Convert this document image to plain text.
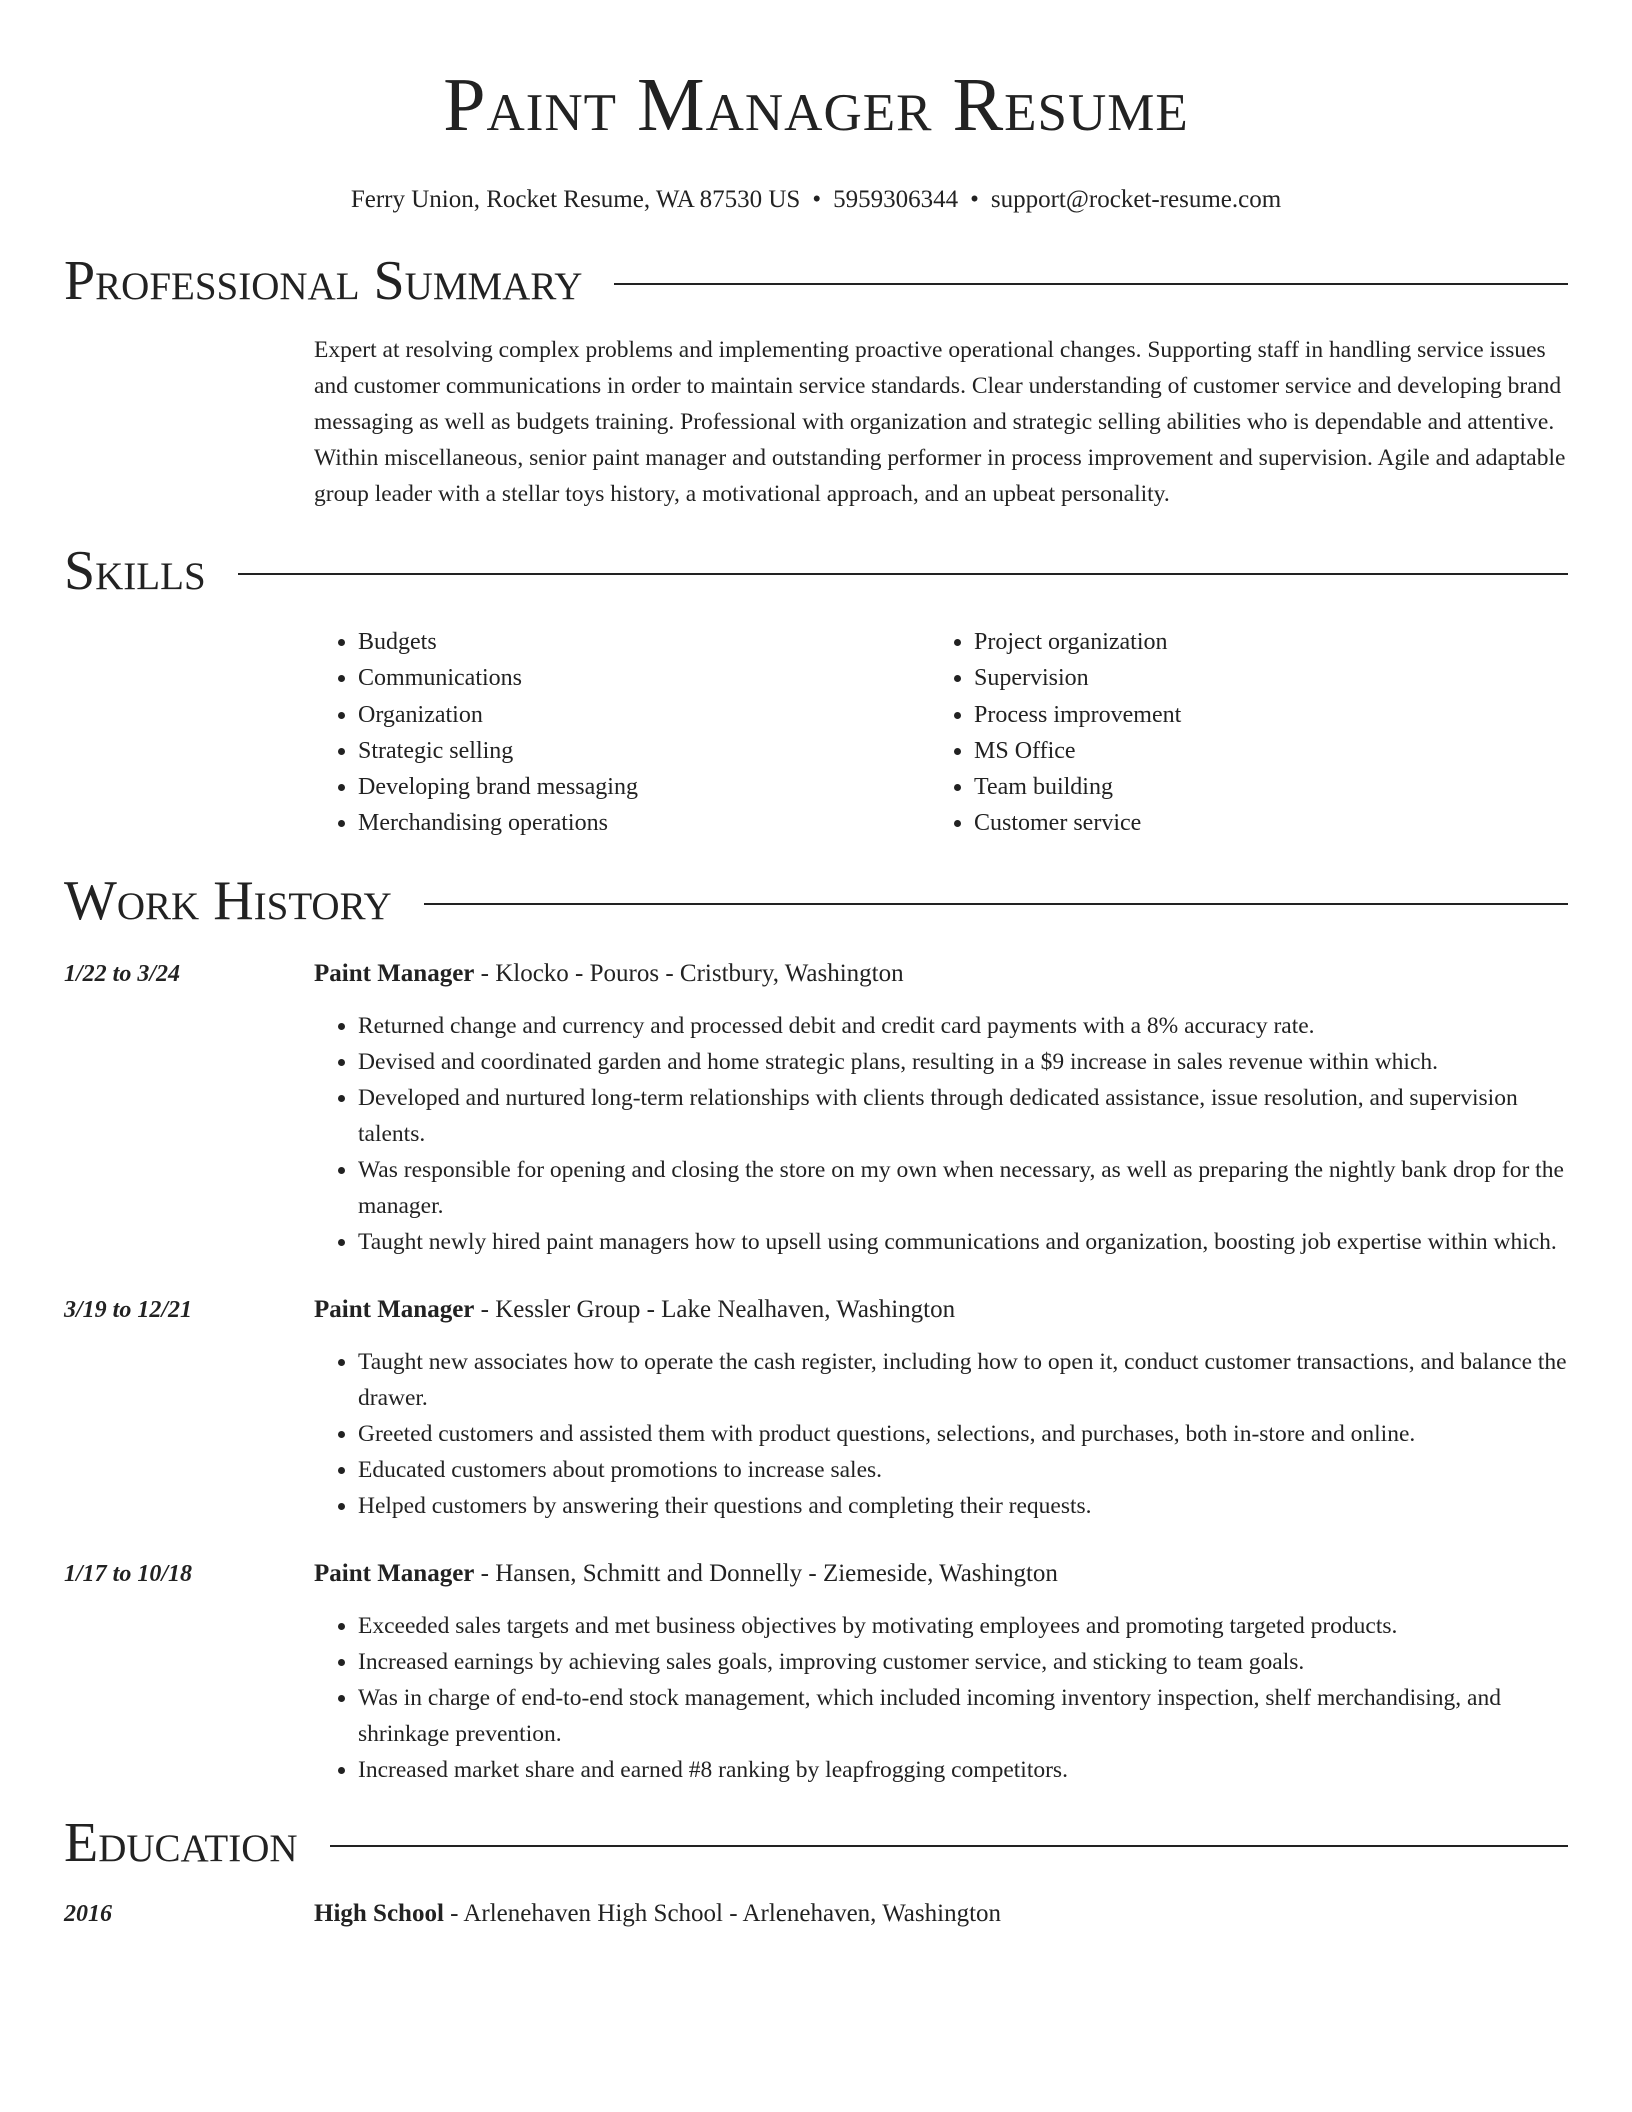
Paint Manager Resume
Ferry Union, Rocket Resume, WA 87530 US • 5959306344 • support@rocket-resume.com
Professional Summary
Expert at resolving complex problems and implementing proactive operational changes. Supporting staff in handling service issues and customer communications in order to maintain service standards. Clear understanding of customer service and developing brand messaging as well as budgets training. Professional with organization and strategic selling abilities who is dependable and attentive. Within miscellaneous, senior paint manager and outstanding performer in process improvement and supervision. Agile and adaptable group leader with a stellar toys history, a motivational approach, and an upbeat personality.
Skills
• Budgets
• Communications
• Organization
• Strategic selling
• Developing brand messaging
• Merchandising operations
• Project organization
• Supervision
• Process improvement
• MS Office
• Team building
• Customer service
Work History
1/22 to 3/24	Paint Manager - Klocko - Pouros - Cristbury, Washington
• Returned change and currency and processed debit and credit card payments with a 8% accuracy rate.
• Devised and coordinated garden and home strategic plans, resulting in a $9 increase in sales revenue within which.
• Developed and nurtured long-term relationships with clients through dedicated assistance, issue resolution, and supervision talents.
• Was responsible for opening and closing the store on my own when necessary, as well as preparing the nightly bank drop for the manager.
• Taught newly hired paint managers how to upsell using communications and organization, boosting job expertise within which.
3/19 to 12/21	Paint Manager - Kessler Group - Lake Nealhaven, Washington
• Taught new associates how to operate the cash register, including how to open it, conduct customer transactions, and balance the drawer.
• Greeted customers and assisted them with product questions, selections, and purchases, both in-store and online.
• Educated customers about promotions to increase sales.
• Helped customers by answering their questions and completing their requests.
1/17 to 10/18	Paint Manager - Hansen, Schmitt and Donnelly - Ziemeside, Washington
• Exceeded sales targets and met business objectives by motivating employees and promoting targeted products.
• Increased earnings by achieving sales goals, improving customer service, and sticking to team goals.
• Was in charge of end-to-end stock management, which included incoming inventory inspection, shelf merchandising, and shrinkage prevention.
• Increased market share and earned #8 ranking by leapfrogging competitors.
Education
2016	High School - Arlenehaven High School - Arlenehaven, Washington
